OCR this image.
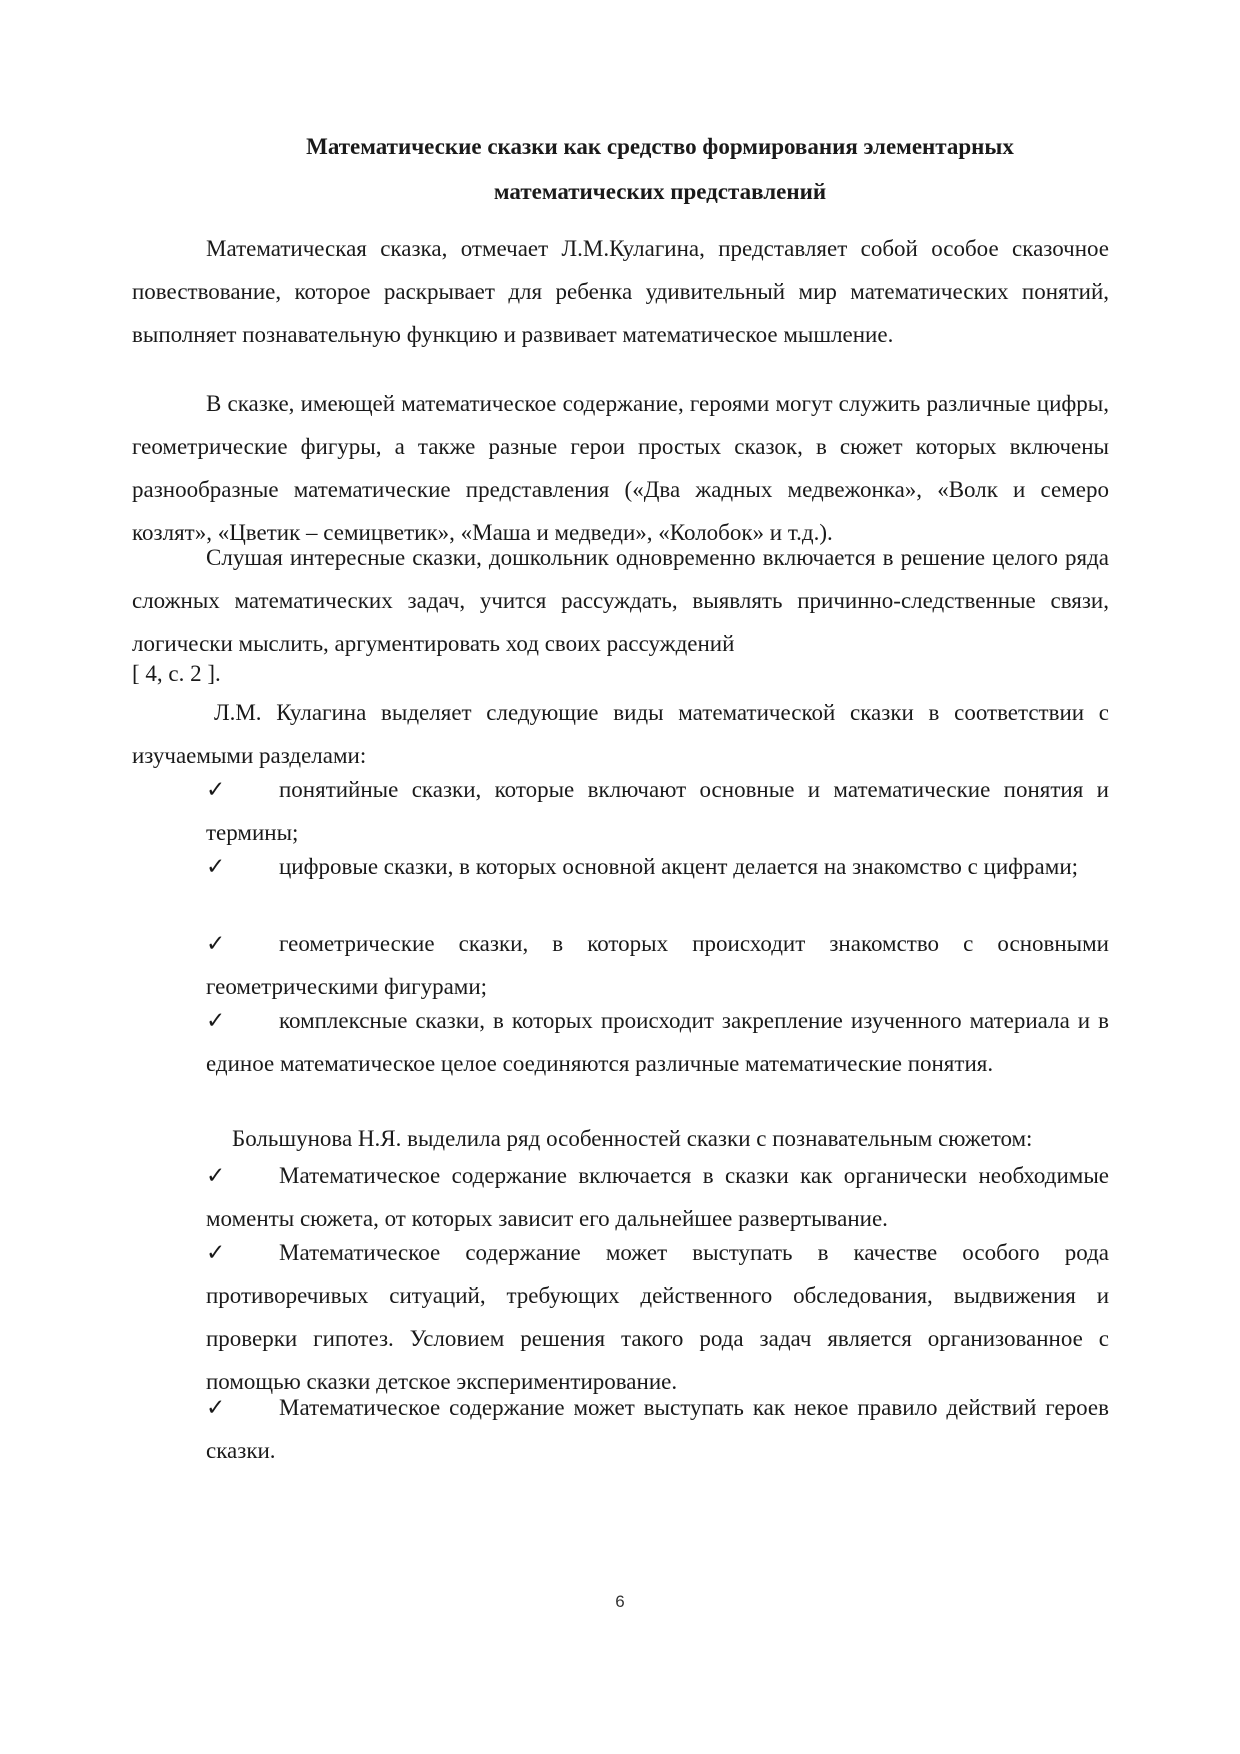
Математические сказки как средство формирования элементарных
математических представлений

Математическая сказка, отмечает Л.М.Кулагина, представляет собой особое сказочное повествование, которое раскрывает для ребенка удивительный мир математических понятий, выполняет познавательную функцию и развивает математическое мышление.

В сказке, имеющей математическое содержание, героями могут служить различные цифры, геометрические фигуры, а также разные герои простых сказок, в сюжет которых включены разнообразные математические представления («Два жадных медвежонка», «Волк и семеро козлят», «Цветик – семицветик», «Маша и медведи», «Колобок» и т.д.).

Слушая интересные сказки, дошкольник одновременно включается в решение целого ряда сложных математических задач, учится рассуждать, выявлять причинно-следственные связи, логически мыслить, аргументировать ход своих рассуждений

[ 4, с. 2 ].

Л.М. Кулагина выделяет следующие виды математической сказки в соответствии с изучаемыми разделами:

✓ понятийные сказки, которые включают основные и математические понятия и термины;

✓ цифровые сказки, в которых основной акцент делается на знакомство с цифрами;

✓ геометрические сказки, в которых происходит знакомство с основными геометрическими фигурами;

✓ комплексные сказки, в которых происходит закрепление изученного материала и в единое математическое целое соединяются различные математические понятия.

Большунова Н.Я. выделила ряд особенностей сказки с познавательным сюжетом:

✓ Математическое содержание включается в сказки как органически необходимые моменты сюжета, от которых зависит его дальнейшее развертывание.

✓ Математическое содержание может выступать в качестве особого рода противоречивых ситуаций, требующих действенного обследования, выдвижения и проверки гипотез. Условием решения такого рода задач является организованное с помощью сказки детское экспериментирование.

✓ Математическое содержание может выступать как некое правило действий героев сказки.

6
